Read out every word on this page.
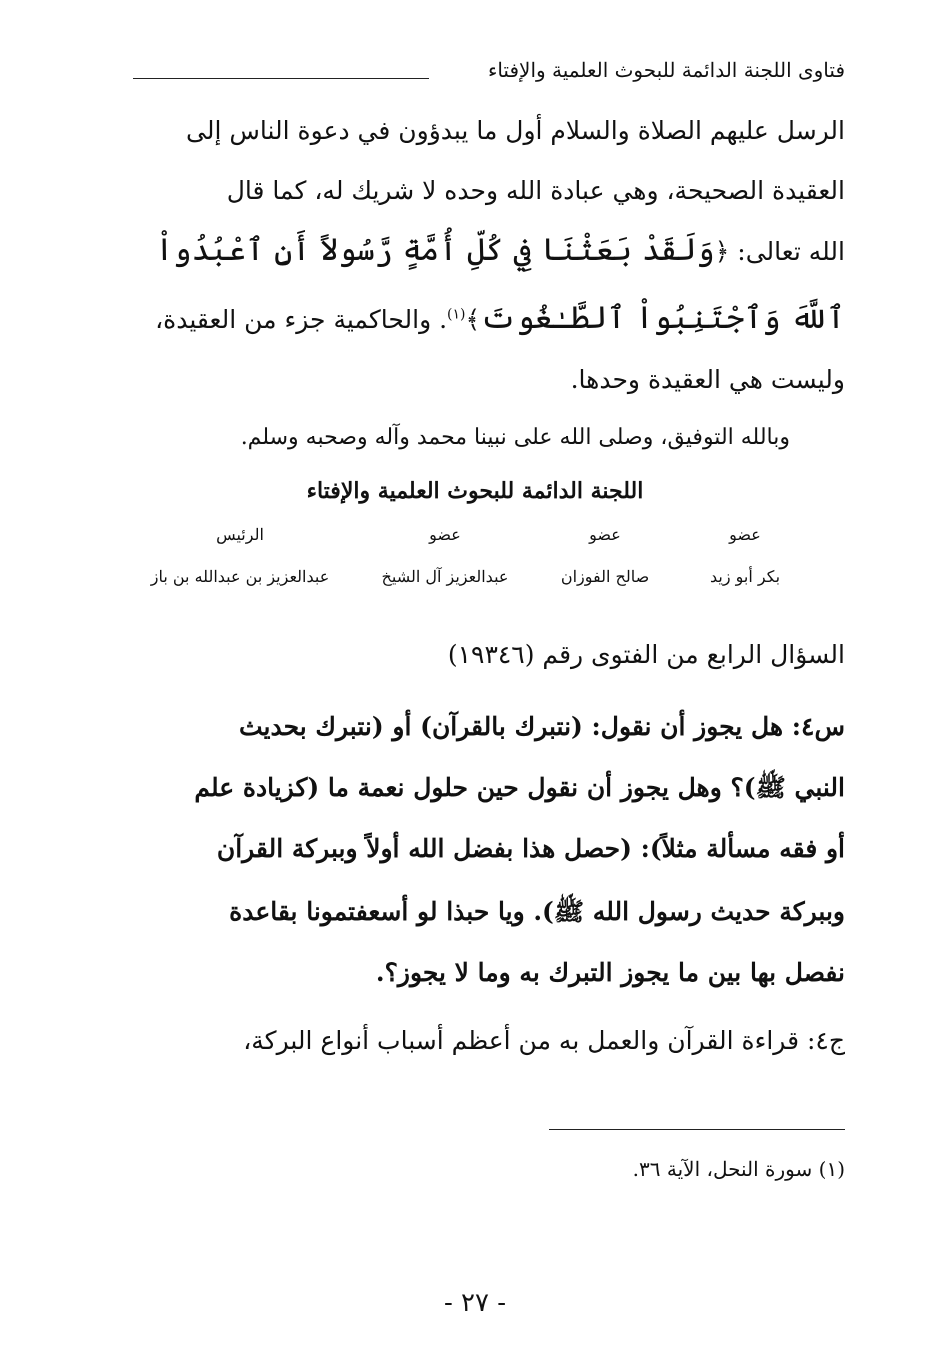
فتاوى اللجنة الدائمة للبحوث العلمية والإفتاء
الرسل عليهم الصلاة والسلام أول ما يبدؤون في دعوة الناس إلى
العقيدة الصحيحة، وهي عبادة الله وحده لا شريك له، كما قال
الله تعالى: ﴿وَلَقَدْ بَعَثْنَا فِي كُلِّ أُمَّةٍ رَّسُولاً أَنِ ٱعْبُدُواْ
ٱللَّهَ وَٱجْتَنِبُواْ ٱلطَّـٰغُوتَ﴾$^{(١)}$. والحاكمية جزء من العقيدة،
وليست هي العقيدة وحدها.
وبالله التوفيق، وصلى الله على نبينا محمد وآله وصحبه وسلم.
اللجنة الدائمة للبحوث العلمية والإفتاء
عضو
بكر أبو زيد
عضو
صالح الفوزان
عضو
عبدالعزيز آل الشيخ
الرئيس
عبدالعزيز بن عبدالله بن باز
السؤال الرابع من الفتوى رقم (١٩٣٤٦)
س٤: هل يجوز أن نقول: (نتبرك بالقرآن) أو (نتبرك بحديث
النبي ﷺ)؟ وهل يجوز أن نقول حين حلول نعمة ما (كزيادة علم
أو فقه مسألة مثلاً): (حصل هذا بفضل الله أولاً وببركة القرآن
وببركة حديث رسول الله ﷺ). ويا حبذا لو أسعفتمونا بقاعدة
نفصل بها بين ما يجوز التبرك به وما لا يجوز؟.
ج٤: قراءة القرآن والعمل به من أعظم أسباب أنواع البركة،
(١) سورة النحل، الآية ٣٦.
- ٢٧ -
